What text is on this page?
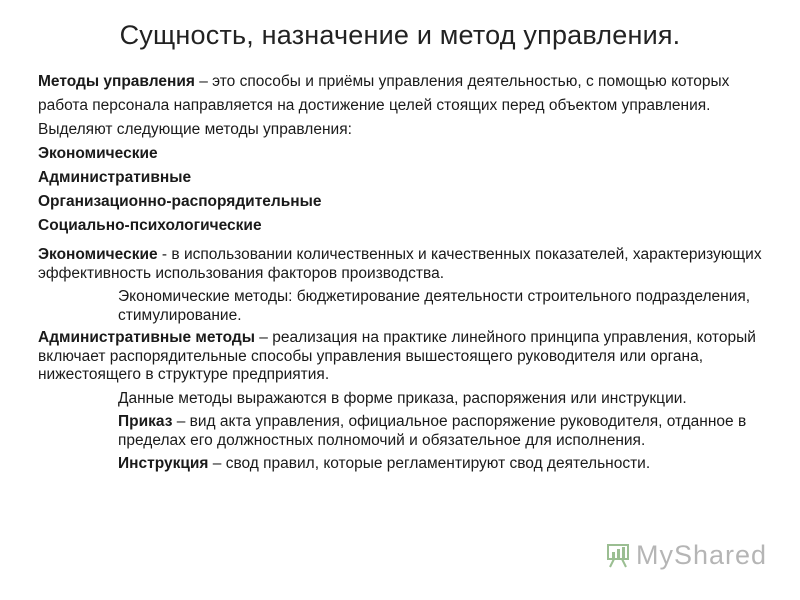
Сущность, назначение и метод управления.

Методы управления – это способы и приёмы управления деятельностью, с помощью которых работа персонала направляется на достижение целей стоящих перед объектом управления.

Выделяют следующие методы управления:

Экономические

Административные

Организационно-распорядительные

Социально-психологические

Экономические - в использовании количественных и качественных показателей, характеризующих эффективность использования факторов производства.

Экономические методы: бюджетирование деятельности строительного подразделения, стимулирование.

Административные методы – реализация на практике линейного принципа управления, который включает распорядительные способы управления вышестоящего руководителя или органа, нижестоящего в структуре предприятия.

Данные методы выражаются в форме приказа, распоряжения или инструкции.

Приказ – вид акта управления, официальное распоряжение руководителя, отданное в пределах его должностных полномочий и обязательное для исполнения.

Инструкция – свод правил, которые регламентируют свод деятельности.

MyShared
